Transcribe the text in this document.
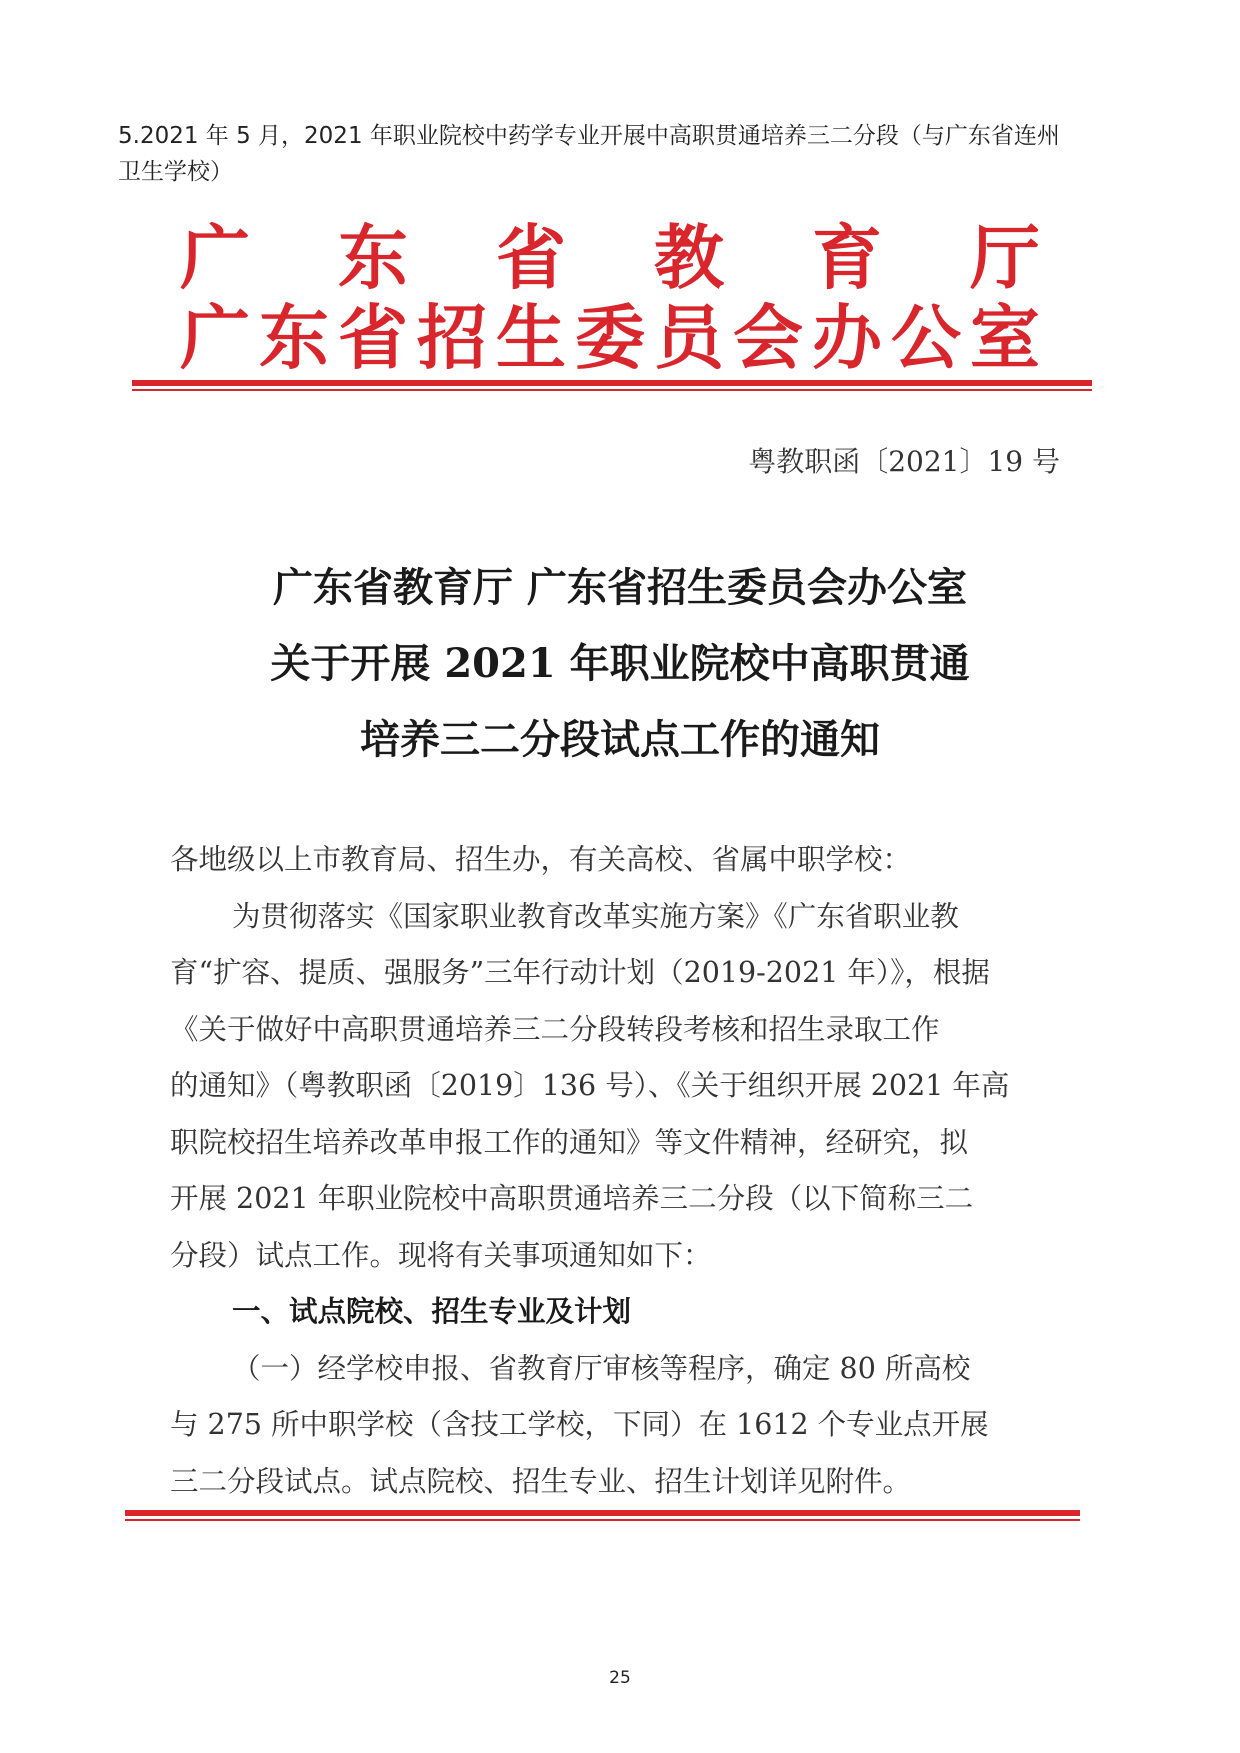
5.2021 年 5 月，2021 年职业院校中药学专业开展中高职贯通培养三二分段（与广东省连州
卫生学校）
广 东 省 教 育 厅
广 东 省 招 生 委 员 会 办 公 室
粤教职函〔2021〕19 号
广东省教育厅 广东省招生委员会办公室
关于开展 2021 年职业院校中高职贯通
培养三二分段试点工作的通知

各地级以上市教育局、招生办，有关高校、省属中职学校：

为贯彻落实《国家职业教育改革实施方案》《广东省职业教

育“扩容、提质、强服务”三年行动计划（2019-2021 年）》，根据

《关于做好中高职贯通培养三二分段转段考核和招生录取工作

的通知》（粤教职函〔2019〕136 号）、《关于组织开展 2021 年高

职院校招生培养改革申报工作的通知》等文件精神，经研究，拟

开展 2021 年职业院校中高职贯通培养三二分段（以下简称三二

分段）试点工作。现将有关事项通知如下：

一、试点院校、招生专业及计划

（一）经学校申报、省教育厅审核等程序，确定 80 所高校

与 275 所中职学校（含技工学校，下同）在 1612 个专业点开展

三二分段试点。试点院校、招生专业、招生计划详见附件。

25
